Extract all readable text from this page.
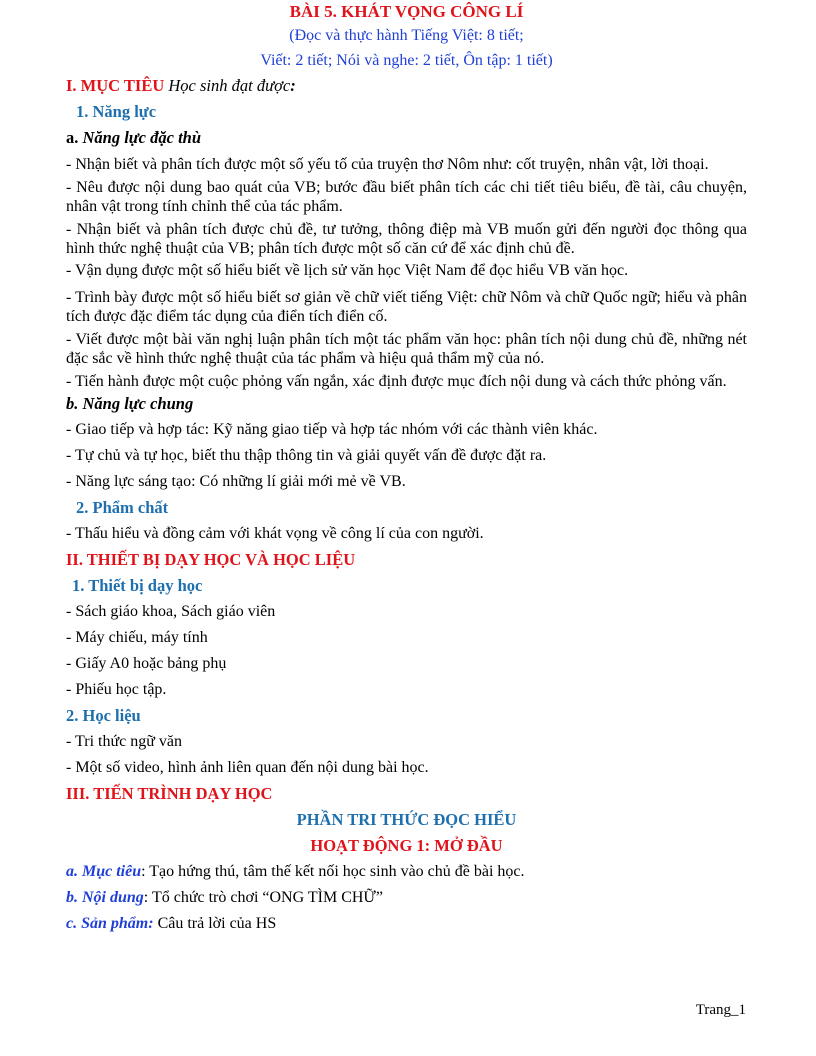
BÀI 5. KHÁT VỌNG CÔNG LÍ

(Đọc và thực hành Tiếng Việt: 8 tiết;

Viết: 2 tiết; Nói và nghe: 2 tiết, Ôn tập: 1 tiết)

I. MỤC TIÊU Học sinh đạt được:

1. Năng lực

a. Năng lực đặc thù

- Nhận biết và phân tích được một số yếu tố của truyện thơ Nôm như: cốt truyện, nhân vật, lời thoại.

- Nêu được nội dung bao quát của VB; bước đầu biết phân tích các chi tiết tiêu biểu, đề tài, câu chuyện, nhân vật trong tính chỉnh thể của tác phẩm.

- Nhận biết và phân tích được chủ đề, tư tưởng, thông điệp mà VB muốn gửi đến người đọc thông qua hình thức nghệ thuật của VB; phân tích được một số căn cứ để xác định chủ đề.

- Vận dụng được một số hiểu biết về lịch sử văn học Việt Nam để đọc hiểu VB văn học.

- Trình bày được một số hiểu biết sơ giản về chữ viết tiếng Việt: chữ Nôm và chữ Quốc ngữ; hiểu và phân tích được đặc điểm tác dụng của điển tích điển cố.

- Viết được một bài văn nghị luận phân tích một tác phẩm văn học: phân tích nội dung chủ đề, những nét đặc sắc về hình thức nghệ thuật của tác phẩm và hiệu quả thẩm mỹ của nó.

- Tiến hành được một cuộc phỏng vấn ngắn, xác định được mục đích nội dung và cách thức phỏng vấn.

b. Năng lực chung

- Giao tiếp và hợp tác: Kỹ năng giao tiếp và hợp tác nhóm với các thành viên khác.

- Tự chủ và tự học, biết thu thập thông tin và giải quyết vấn đề được đặt ra.

- Năng lực sáng tạo: Có những lí giải mới mẻ về VB.

2. Phẩm chất

- Thấu hiểu và đồng cảm với khát vọng về công lí của con người.

II. THIẾT BỊ DẠY HỌC VÀ HỌC LIỆU

1. Thiết bị dạy học

- Sách giáo khoa, Sách giáo viên

- Máy chiếu, máy tính

- Giấy A0 hoặc bảng phụ

- Phiếu học tập.

2. Học liệu

- Tri thức ngữ văn

- Một số video, hình ảnh liên quan đến nội dung bài học.

III. TIẾN TRÌNH DẠY HỌC

PHẦN TRI THỨC ĐỌC HIỂU

HOẠT ĐỘNG 1: MỞ ĐẦU

a. Mục tiêu: Tạo hứng thú, tâm thế kết nối học sinh vào chủ đề bài học.

b. Nội dung: Tổ chức trò chơi “ONG TÌM CHỮ”

c. Sản phẩm: Câu trả lời của HS

Trang_1
